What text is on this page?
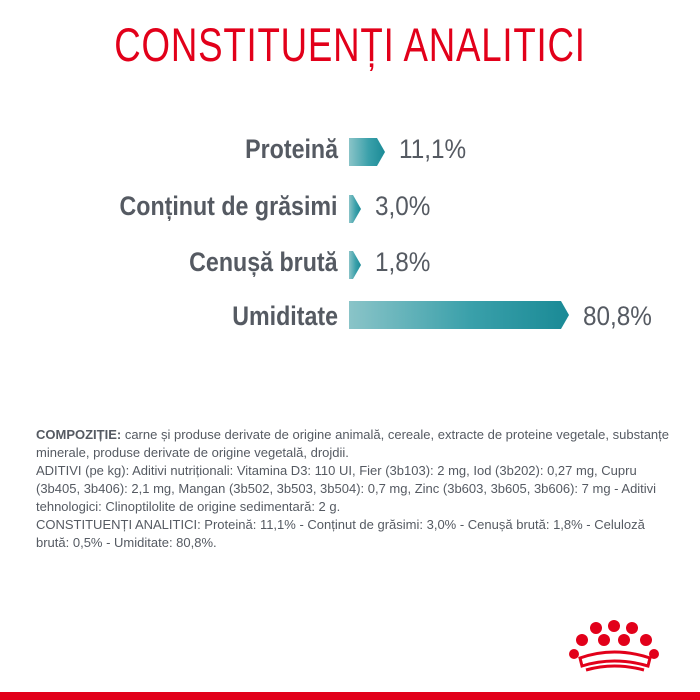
CONSTITUENȚI ANALITICI
Proteină
Conținut de grăsimi
Cenușă brută
Umiditate
11,1%
3,0%
1,8%
80,8%
COMPOZIȚIE: carne și produse derivate de origine animală, cereale, extracte de proteine vegetale, substanțe minerale, produse derivate de origine vegetală, drojdii.
ADITIVI (pe kg): Aditivi nutriționali: Vitamina D3: 110 UI, Fier (3b103): 2 mg, Iod (3b202): 0,27 mg, Cupru (3b405, 3b406): 2,1 mg, Mangan (3b502, 3b503, 3b504): 0,7 mg, Zinc (3b603, 3b605, 3b606): 7 mg - Aditivi tehnologici: Clinoptilolite de origine sedimentară: 2 g.
CONSTITUENȚI ANALITICI: Proteină: 11,1% - Conținut de grăsimi: 3,0% - Cenușă brută: 1,8% - Celuloză brută: 0,5% - Umiditate: 80,8%.
